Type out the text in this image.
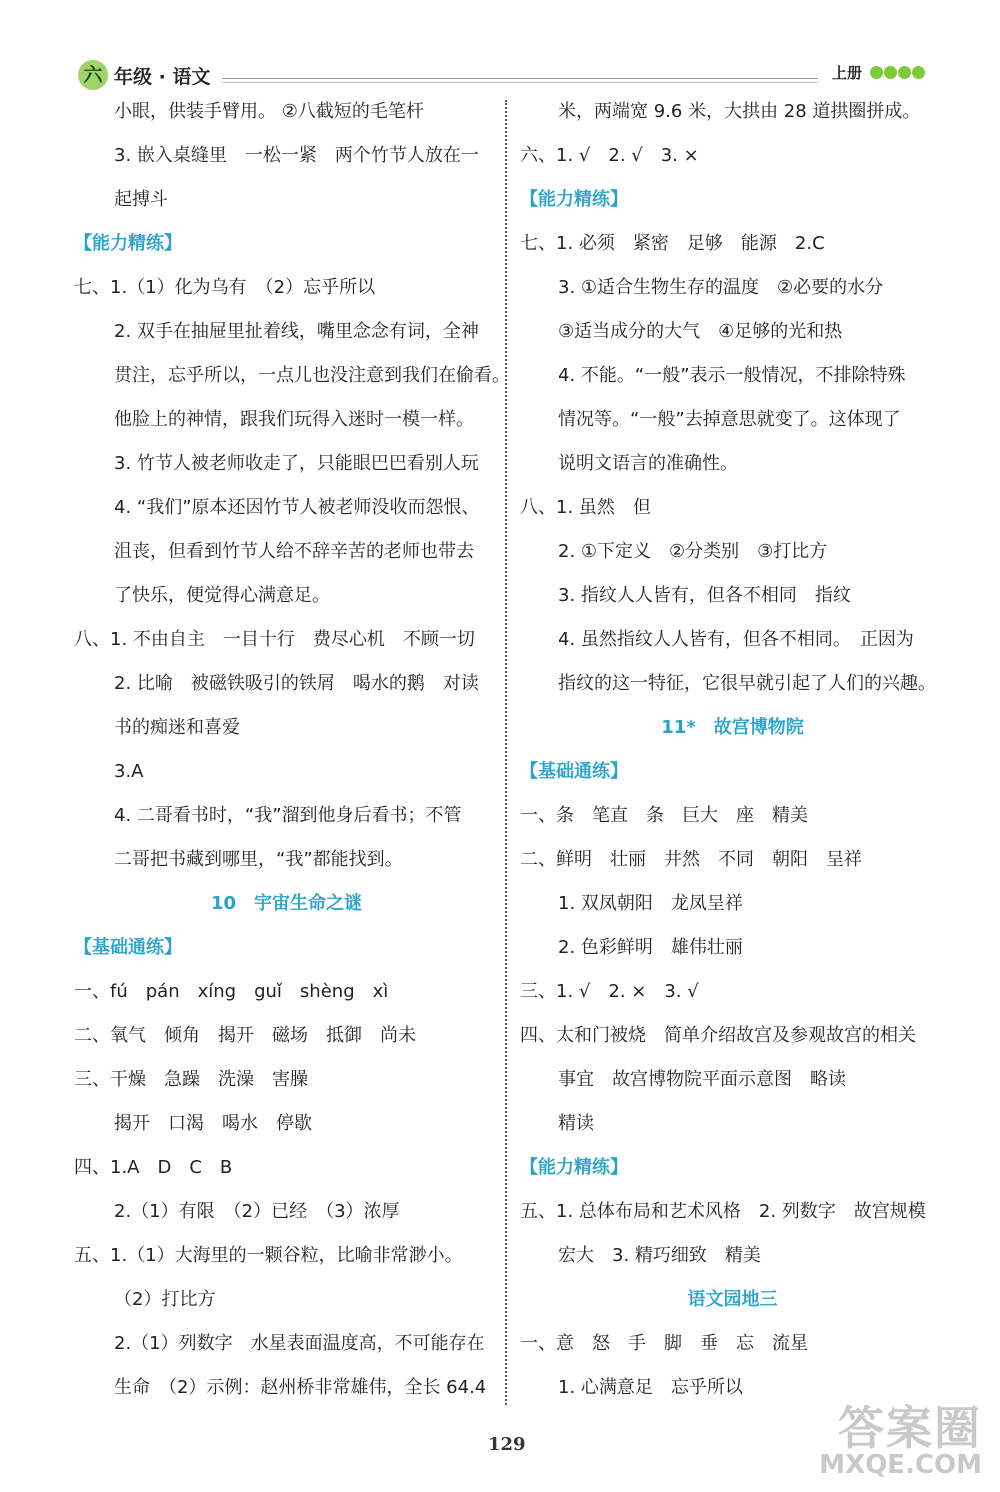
六 年级 · 语文	上册
小眼，供装手臂用。 ②八截短的毛笔杆
3. 嵌入桌缝里　一松一紧　两个竹节人放在一
起搏斗
【能力精练】
七、1.（1）化为乌有　（2）忘乎所以
2. 双手在抽屉里扯着线，嘴里念念有词，全神
贯注，忘乎所以，一点儿也没注意到我们在偷看。
他脸上的神情，跟我们玩得入迷时一模一样。
3. 竹节人被老师收走了，只能眼巴巴看别人玩
4. “我们”原本还因竹节人被老师没收而怨恨、
沮丧，但看到竹节人给不辞辛苦的老师也带去
了快乐，便觉得心满意足。
八、1. 不由自主　一目十行　费尽心机　不顾一切
2. 比喻　被磁铁吸引的铁屑　喝水的鹅　对读
书的痴迷和喜爱
3.A
4. 二哥看书时，“我”溜到他身后看书；不管
二哥把书藏到哪里，“我”都能找到。
10　宇宙生命之谜
【基础通练】
一、fú　pán　xíng　guǐ　shèng　xì
二、氧气　倾角　揭开　磁场　抵御　尚未
三、干燥　急躁　洗澡　害臊
揭开　口渴　喝水　停歇
四、1.A　D　C　B
2.（1）有限　（2）已经　（3）浓厚
五、1.（1）大海里的一颗谷粒，比喻非常渺小。
（2）打比方
2.（1）列数字　水星表面温度高，不可能存在
生命　（2）示例：赵州桥非常雄伟，全长 64.4
米，两端宽 9.6 米，大拱由 28 道拱圈拼成。
六、1. √　2. √　3. ×
【能力精练】
七、1. 必须　紧密　足够　能源　2.C
3. ①适合生物生存的温度　②必要的水分
③适当成分的大气　④足够的光和热
4. 不能。“一般”表示一般情况，不排除特殊
情况等。“一般”去掉意思就变了。这体现了
说明文语言的准确性。
八、1. 虽然　但
2. ①下定义　②分类别　③打比方
3. 指纹人人皆有，但各不相同　指纹
4. 虽然指纹人人皆有，但各不相同。　正因为
指纹的这一特征，它很早就引起了人们的兴趣。
11*　故宫博物院
【基础通练】
一、条　笔直　条　巨大　座　精美
二、鲜明　壮丽　井然　不同　朝阳　呈祥
1. 双凤朝阳　龙凤呈祥
2. 色彩鲜明　雄伟壮丽
三、1. √　2. ×　3. √
四、太和门被烧　简单介绍故宫及参观故宫的相关
事宜　故宫博物院平面示意图　略读
精读
【能力精练】
五、1. 总体布局和艺术风格　2. 列数字　故宫规模
宏大　3. 精巧细致　精美
语文园地三
一、意　怒　手　脚　垂　忘　流星
1. 心满意足　忘乎所以
129	答案圈
MXQE.COM
